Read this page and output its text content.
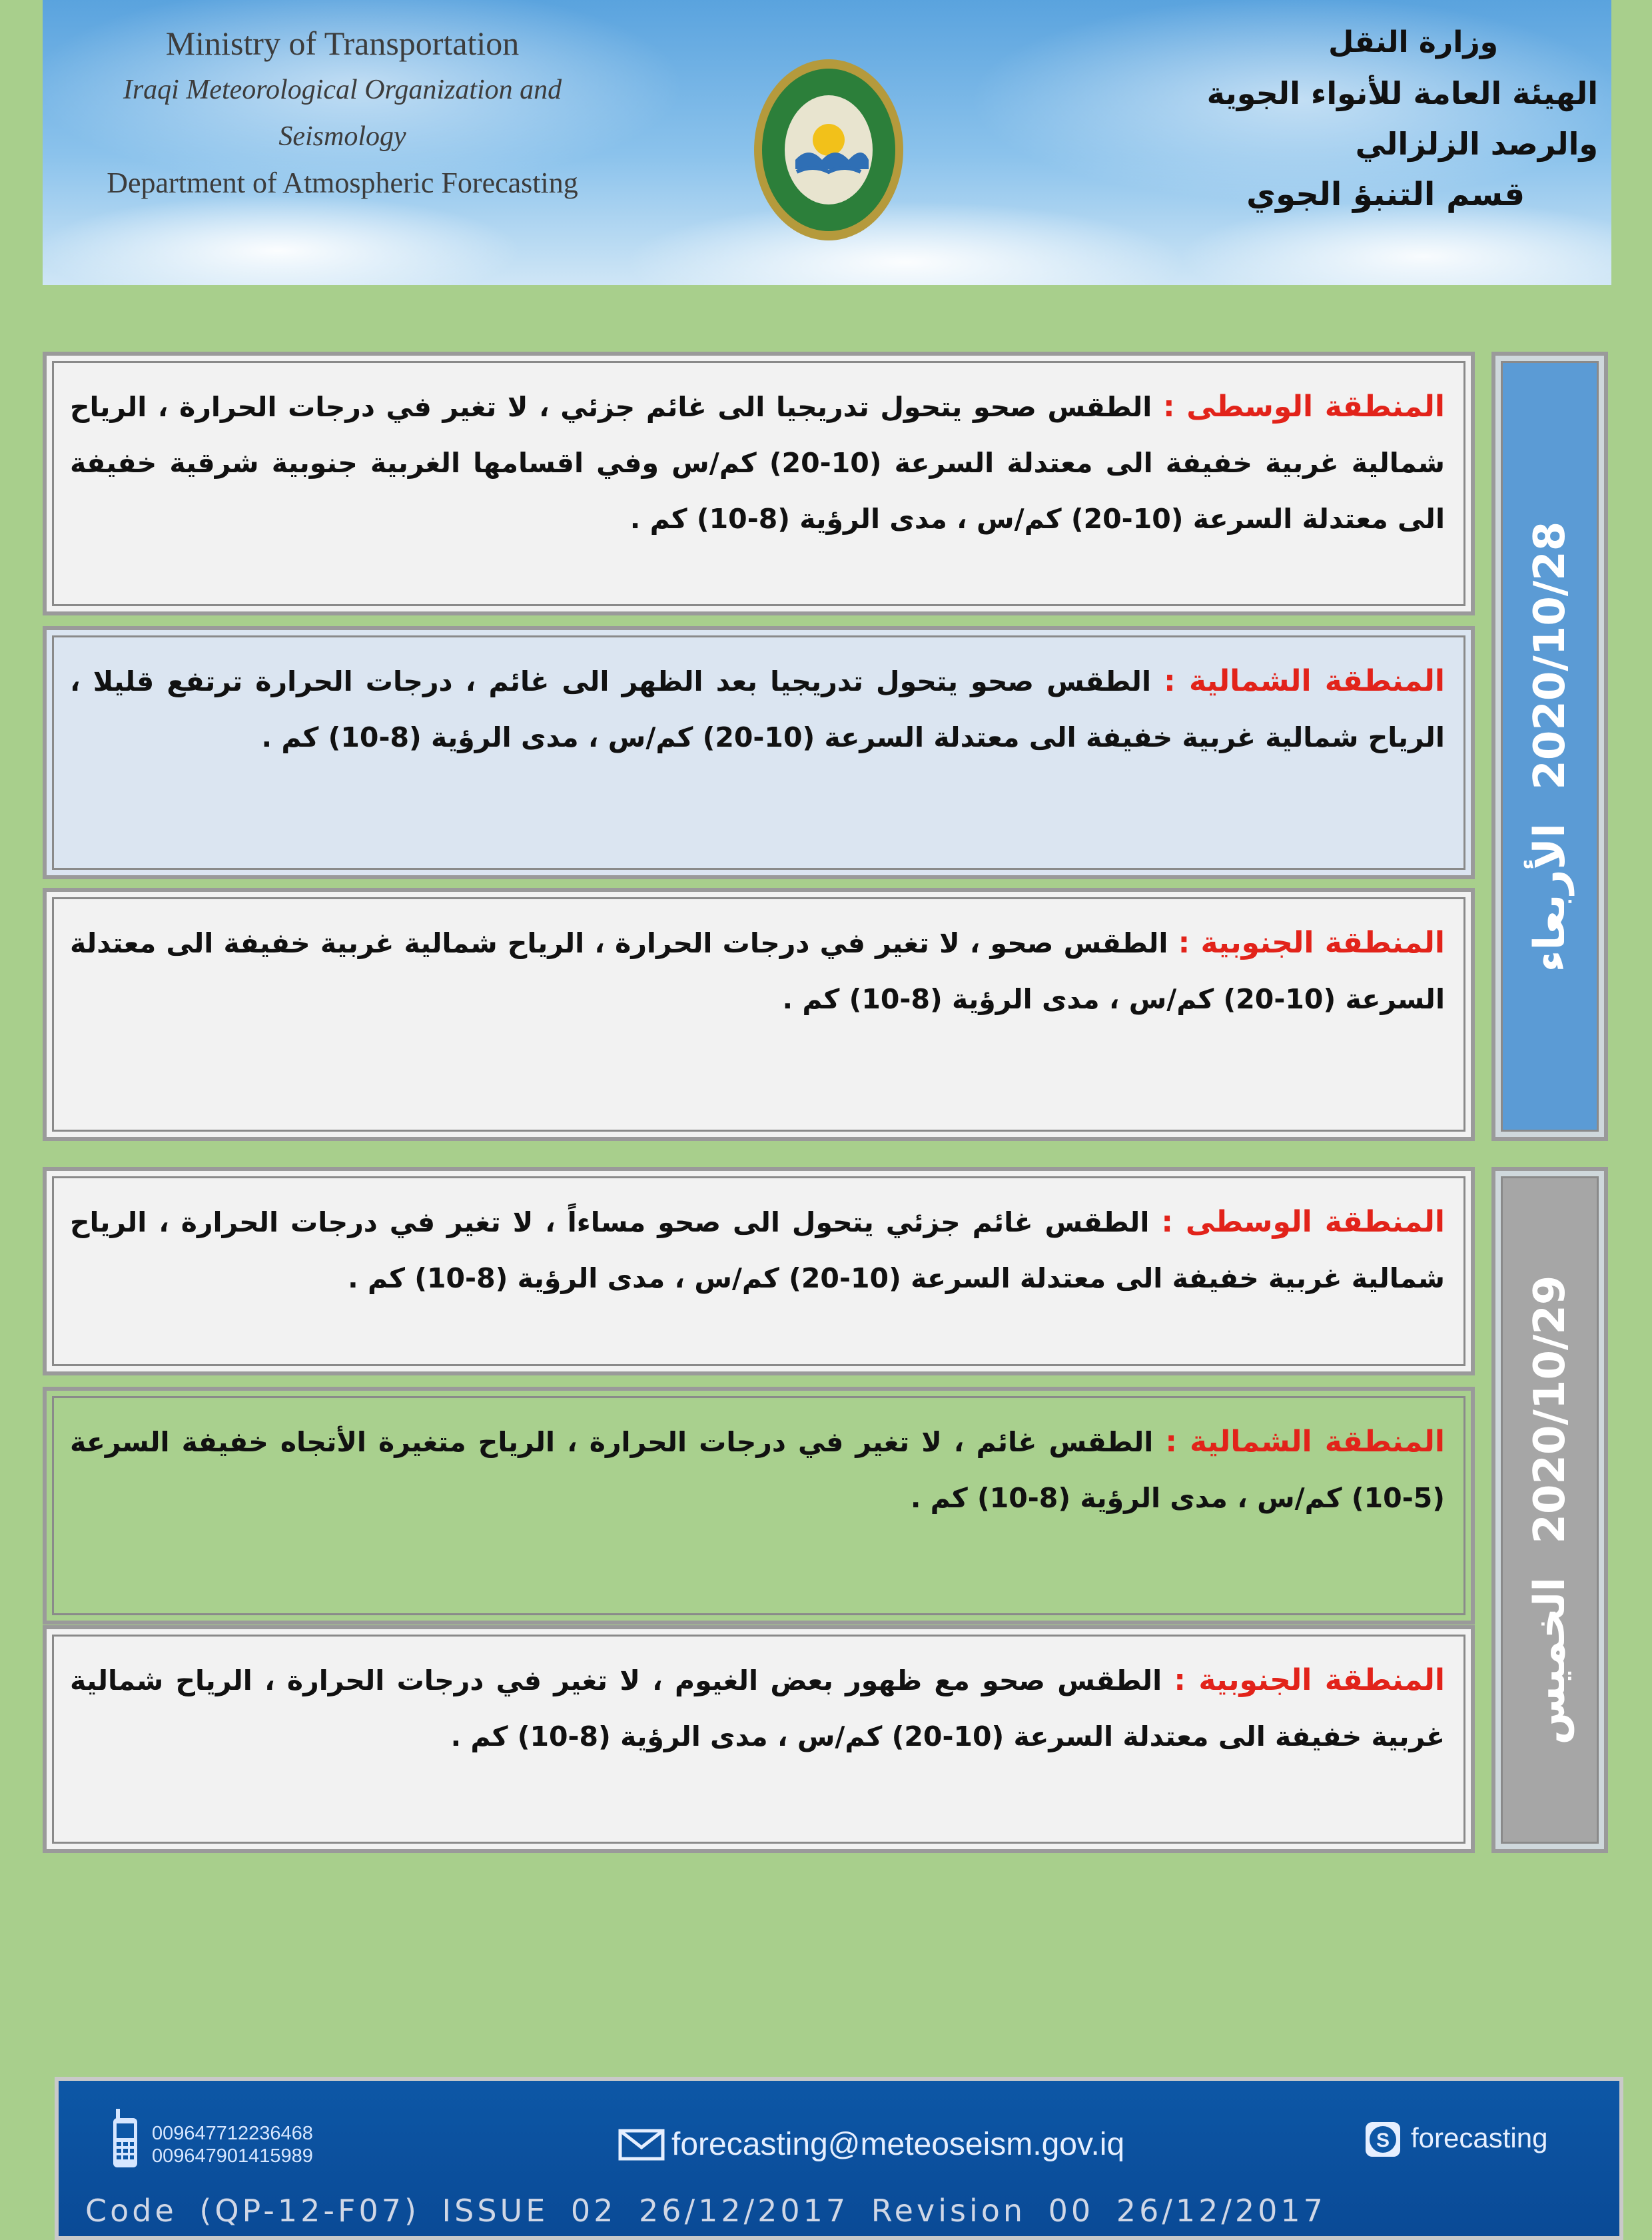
Ministry of Transportation
Iraqi Meteorological Organization and Seismology
Department of Atmospheric Forecasting
وزارة النقل
الهيئة العامة للأنواء الجوية والرصد الزلزالي
قسم التنبؤ الجوي
المنطقة الوسطى : الطقس صحو يتحول تدريجيا الى غائم جزئي ، لا تغير في درجات الحرارة ، الرياح شمالية غربية خفيفة الى معتدلة السرعة (10-20) كم/س وفي اقسامها الغربية جنوبية شرقية خفيفة الى معتدلة السرعة (10-20) كم/س ، مدى الرؤية (8-10) كم .
المنطقة الشمالية : الطقس صحو يتحول تدريجيا بعد الظهر الى غائم ، درجات الحرارة ترتفع قليلا ، الرياح شمالية غربية خفيفة الى معتدلة السرعة (10-20) كم/س ، مدى الرؤية (8-10) كم .
المنطقة الجنوبية : الطقس صحو ، لا تغير في درجات الحرارة ، الرياح شمالية غربية خفيفة الى معتدلة السرعة (10-20) كم/س ، مدى الرؤية (8-10) كم .
2020/10/28 الأربعاء
المنطقة الوسطى : الطقس غائم جزئي يتحول الى صحو مساءاً ، لا تغير في درجات الحرارة ، الرياح شمالية غربية خفيفة الى معتدلة السرعة (10-20) كم/س ، مدى الرؤية (8-10) كم .
المنطقة الشمالية : الطقس غائم ، لا تغير في درجات الحرارة ، الرياح متغيرة الأتجاه خفيفة السرعة (5-10) كم/س ، مدى الرؤية (8-10) كم .
المنطقة الجنوبية : الطقس صحو مع ظهور بعض الغيوم ، لا تغير في درجات الحرارة ، الرياح شمالية غربية خفيفة الى معتدلة السرعة (10-20) كم/س ، مدى الرؤية (8-10) كم .
2020/10/29 الخميس
009647712236468
009647901415989	forecasting@meteoseism.gov.iq	S forecasting
Code (QP-12-F07) ISSUE 02 26/12/2017 Revision 00 26/12/2017
